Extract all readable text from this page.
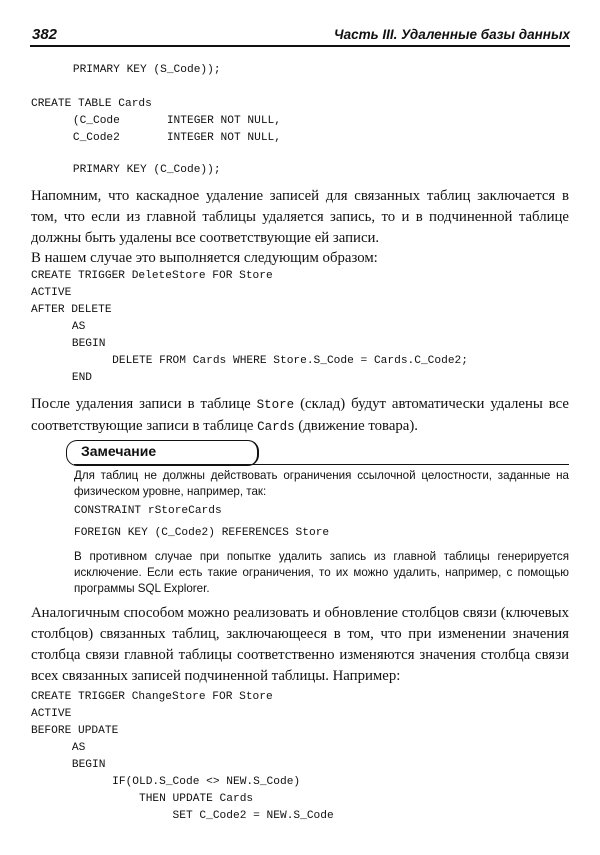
382	Часть III. Удаленные базы данных
PRIMARY KEY (S_Code));
CREATE TABLE Cards
(C_Code       INTEGER NOT NULL,
C_Code2       INTEGER NOT NULL,
PRIMARY KEY (C_Code));
Напомним, что каскадное удаление записей для связанных таблиц заключается в том, что если из главной таблицы удаляется запись, то и в подчиненной таблице должны быть удалены все соответствующие ей записи.
В нашем случае это выполняется следующим образом:
CREATE TRIGGER DeleteStore FOR Store
ACTIVE
AFTER DELETE
AS
BEGIN
DELETE FROM Cards WHERE Store.S_Code = Cards.C_Code2;
END
После удаления записи в таблице Store (склад) будут автоматически удалены все соответствующие записи в таблице Cards (движение товара).
Замечание
Для таблиц не должны действовать ограничения ссылочной целостности, заданные на физическом уровне, например, так:
CONSTRAINT rStoreCards
FOREIGN KEY (C_Code2) REFERENCES Store
В противном случае при попытке удалить запись из главной таблицы генерируется исключение. Если есть такие ограничения, то их можно удалить, например, с помощью программы SQL Explorer.
Аналогичным способом можно реализовать и обновление столбцов связи (ключевых столбцов) связанных таблиц, заключающееся в том, что при изменении значения столбца связи главной таблицы соответственно изменяются значения столбца связи всех связанных записей подчиненной таблицы. Например:
CREATE TRIGGER ChangeStore FOR Store
ACTIVE
BEFORE UPDATE
AS
BEGIN
IF(OLD.S_Code <> NEW.S_Code)
THEN UPDATE Cards
SET C_Code2 = NEW.S_Code
